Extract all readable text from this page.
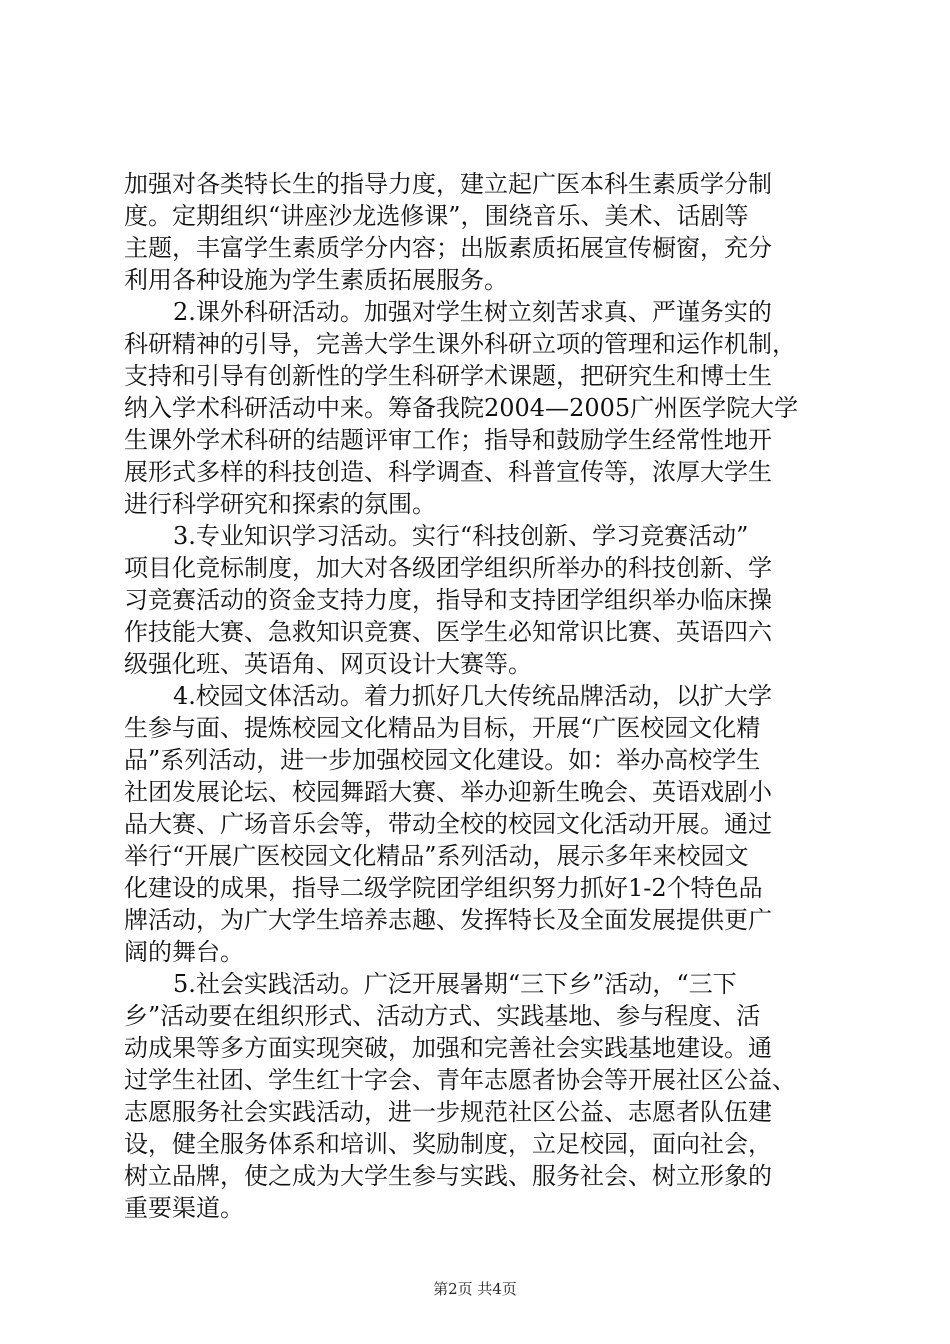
加强对各类特长生的指导力度，建立起广医本科生素质学分制
度。定期组织“讲座沙龙选修课”，围绕音乐、美术、话剧等
主题，丰富学生素质学分内容；出版素质拓展宣传橱窗，充分
利用各种设施为学生素质拓展服务。
2.课外科研活动。加强对学生树立刻苦求真、严谨务实的
科研精神的引导，完善大学生课外科研立项的管理和运作机制，
支持和引导有创新性的学生科研学术课题，把研究生和博士生
纳入学术科研活动中来。筹备我院2004—2005广州医学院大学
生课外学术科研的结题评审工作；指导和鼓励学生经常性地开
展形式多样的科技创造、科学调查、科普宣传等，浓厚大学生
进行科学研究和探索的氛围。
3.专业知识学习活动。实行“科技创新、学习竞赛活动”
项目化竞标制度，加大对各级团学组织所举办的科技创新、学
习竞赛活动的资金支持力度，指导和支持团学组织举办临床操
作技能大赛、急救知识竞赛、医学生必知常识比赛、英语四六
级强化班、英语角、网页设计大赛等。
4.校园文体活动。着力抓好几大传统品牌活动，以扩大学
生参与面、提炼校园文化精品为目标，开展“广医校园文化精
品”系列活动，进一步加强校园文化建设。如：举办高校学生
社团发展论坛、校园舞蹈大赛、举办迎新生晚会、英语戏剧小
品大赛、广场音乐会等，带动全校的校园文化活动开展。通过
举行“开展广医校园文化精品”系列活动，展示多年来校园文
化建设的成果，指导二级学院团学组织努力抓好1-2个特色品
牌活动，为广大学生培养志趣、发挥特长及全面发展提供更广
阔的舞台。
5.社会实践活动。广泛开展暑期“三下乡”活动，“三下
乡”活动要在组织形式、活动方式、实践基地、参与程度、活
动成果等多方面实现突破，加强和完善社会实践基地建设。通
过学生社团、学生红十字会、青年志愿者协会等开展社区公益、
志愿服务社会实践活动，进一步规范社区公益、志愿者队伍建
设，健全服务体系和培训、奖励制度，立足校园，面向社会，
树立品牌，使之成为大学生参与实践、服务社会、树立形象的
重要渠道。
第2页 共4页
